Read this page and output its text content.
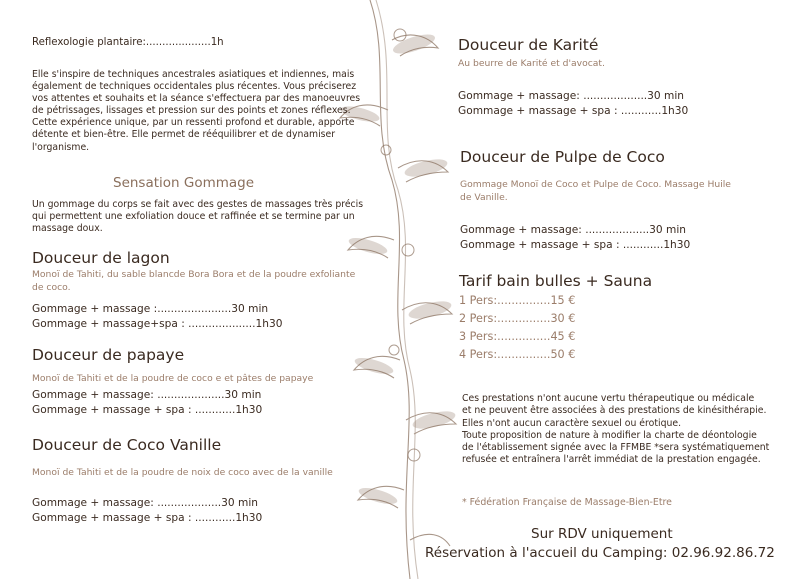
Reflexologie plantaire:....................1h

Elle s'inspire de techniques ancestrales asiatiques et indiennes, mais

également de techniques occidentales plus récentes. Vous préciserez

vos attentes et souhaits et la séance s'effectuera par des manoeuvres

de pétrissages, lissages et pression sur des points et zones réflexes.

Cette expérience unique, par un ressenti profond et durable, apporte

détente et bien-être. Elle permet de rééquilibrer et de dynamiser

l'organisme.

Sensation Gommage

Un gommage du corps se fait avec des gestes de massages très précis

qui permettent une exfoliation douce et raffinée et se termine par un

massage doux.

Douceur de lagon
Monoï de Tahiti, du sable blancde Bora Bora et de la poudre exfoliante
de coco.
Gommage + massage :......................30 min
Gommage + massage+spa : ....................1h30
Douceur de papaye
Monoï de Tahiti et de la poudre de coco e et pâtes de papaye
Gommage + massage: ....................30 min
Gommage + massage + spa : ............1h30
Douceur de Coco Vanille
Monoï de Tahiti et de la poudre de noix de coco avec de la vanille
Gommage + massage: ...................30 min
Gommage + massage + spa : ............1h30
Douceur de Karité
Au beurre de Karité et d'avocat.
Gommage + massage: ...................30 min
Gommage + massage + spa : ............1h30
Douceur de Pulpe de Coco
Gommage Monoï de Coco et Pulpe de Coco. Massage Huile
de Vanille.
Gommage + massage: ...................30 min
Gommage + massage + spa : ............1h30
Tarif bain bulles + Sauna
1 Pers:...............15 €
2 Pers:...............30 €
3 Pers:...............45 €
4 Pers:...............50 €
Ces prestations n'ont aucune vertu thérapeutique ou médicale
et ne peuvent être associées à des prestations de kinésithérapie.
Elles n'ont aucun caractère sexuel ou érotique.
Toute proposition de nature à modifier la charte de déontologie
de l'établissement signée avec la FFMBE *sera systématiquement
refusée et entraînera l'arrêt immédiat de la prestation engagée.
* Fédération Française de Massage-Bien-Etre
Sur RDV uniquement
Réservation à l'accueil du Camping: 02.96.92.86.72
